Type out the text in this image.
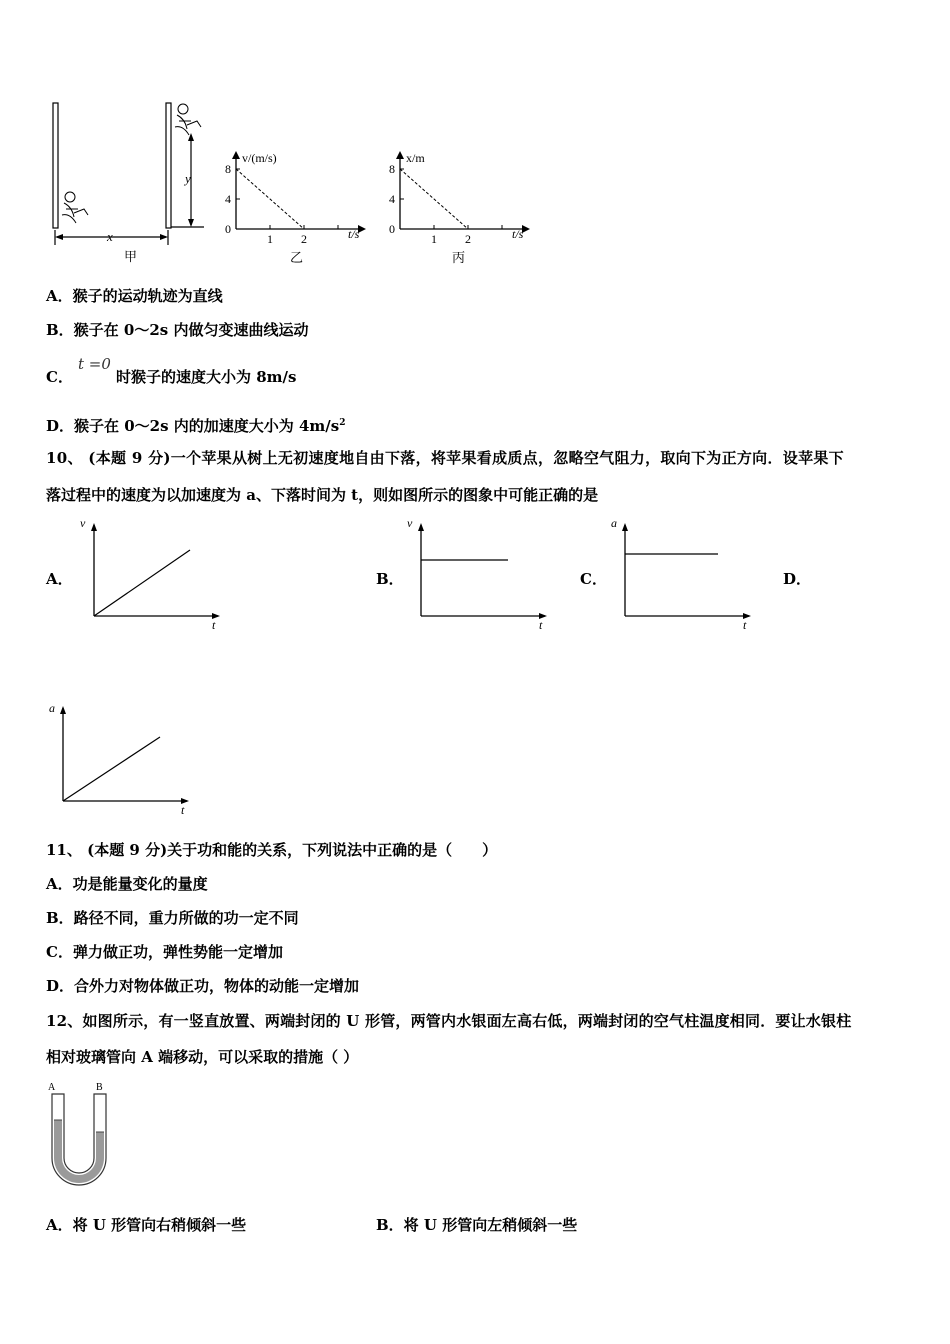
y
x
甲
v/(m/s)
t/s
乙
0
4
8
1 2
x/m
t/s
丙
0
4
8
1 2
A．猴子的运动轨迹为直线
B．猴子在 0～2s 内做匀变速曲线运动
C．
t =0
时猴子的速度大小为 8m/s
D．猴子在 0～2s 内的加速度大小为 $4m/s^2$
10、 (本题 9 分)一个苹果从树上无初速度地自由下落，将苹果看成质点，忽略空气阻力，取向下为正方向．设苹果下
落过程中的速度为以加速度为 a、下落时间为 t，则如图所示的图象中可能正确的是
A．	B．	C．	D．
v
t
v
t
a
t
a
t
11、 (本题 9 分)关于功和能的关系，下列说法中正确的是（　　）
A．功是能量变化的量度
B．路径不同，重力所做的功一定不同
C．弹力做正功，弹性势能一定增加
D．合外力对物体做正功，物体的动能一定增加
12、如图所示，有一竖直放置、两端封闭的 U 形管，两管内水银面左高右低，两端封闭的空气柱温度相同．要让水银柱
相对玻璃管向 A 端移动，可以采取的措施（ ）
A	B
A．将 U 形管向右稍倾斜一些	B．将 U 形管向左稍倾斜一些
